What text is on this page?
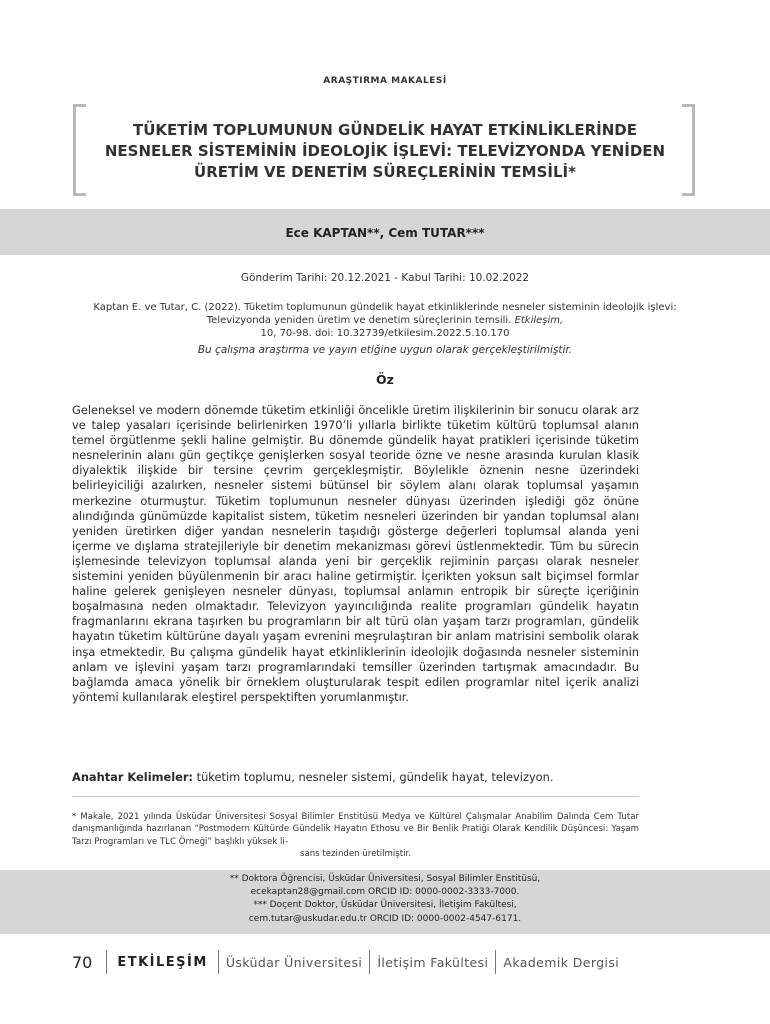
ARAŞTIRMA MAKALESİ
TÜKETİM TOPLUMUNUN GÜNDELİK HAYAT ETKİNLİKLERİNDE NESNELER SİSTEMİNİN İDEOLOJİK İŞLEVİ: TELEVİZYONDA YENİDEN ÜRETİM VE DENETİM SÜREÇLERİNİN TEMSİLİ*
Ece KAPTAN**, Cem TUTAR***
Gönderim Tarihi: 20.12.2021 - Kabul Tarihi: 10.02.2022
Kaptan E. ve Tutar, C. (2022). Tüketim toplumunun gündelik hayat etkinliklerinde nesneler sisteminin ideolojik işlevi: Televizyonda yeniden üretim ve denetim süreçlerinin temsili. Etkileşim,
10, 70-98. doi: 10.32739/etkilesim.2022.5.10.170
Bu çalışma araştırma ve yayın etiğine uygun olarak gerçekleştirilmiştir.
Öz
Geleneksel ve modern dönemde tüketim etkinliği öncelikle üretim ilişkilerinin bir sonucu olarak arz ve talep yasaları içerisinde belirlenirken 1970’li yıllarla birlikte tüketim kültürü toplumsal alanın temel örgütlenme şekli haline gelmiştir. Bu dönemde gündelik hayat pratikleri içerisinde tüketim nesnelerinin alanı gün geçtikçe genişlerken sosyal teoride özne ve nesne arasında kurulan klasik diyalektik ilişkide bir tersine çevrim gerçekleşmiştir. Böylelikle öznenin nesne üzerindeki belirleyiciliği azalırken, nesneler sistemi bütünsel bir söylem alanı olarak toplumsal yaşamın merkezine oturmuştur. Tüketim toplumunun nesneler dünyası üzerinden işlediği göz önüne alındığında günümüzde kapitalist sistem, tüketim nesneleri üzerinden bir yandan toplumsal alanı yeniden üretirken diğer yandan nesnelerin taşıdığı gösterge değerleri toplumsal alanda yeni içerme ve dışlama stratejileriyle bir denetim mekanizması görevi üstlenmektedir. Tüm bu sürecin işlemesinde televizyon toplumsal alanda yeni bir gerçeklik rejiminin parçası olarak nesneler sistemini yeniden büyülenmenin bir aracı haline getirmiştir. İçerikten yoksun salt biçimsel formlar haline gelerek genişleyen nesneler dünyası, toplumsal anlamın entropik bir süreçte içeriğinin boşalmasına neden olmaktadır. Televizyon yayıncılığında realite programları gündelik hayatın fragmanlarını ekrana taşırken bu programların bir alt türü olan yaşam tarzı programları, gündelik hayatın tüketim kültürüne dayalı yaşam evrenini meşrulaştıran bir anlam matrisini sembolik olarak inşa etmektedir. Bu çalışma gündelik hayat etkinliklerinin ideolojik doğasında nesneler sisteminin anlam ve işlevini yaşam tarzı programlarındaki temsiller üzerinden tartışmak amacındadır. Bu bağlamda amaca yönelik bir örneklem oluşturularak tespit edilen programlar nitel içerik analizi yöntemi kullanılarak eleştirel perspektiften yorumlanmıştır.
Anahtar Kelimeler: tüketim toplumu, nesneler sistemi, gündelik hayat, televizyon.
* Makale, 2021 yılında Üsküdar Üniversitesi Sosyal Bilimler Enstitüsü Medya ve Kültürel Çalışmalar Anabilim Dalında Cem Tutar danışmanlığında hazırlanan “Postmodern Kültürde Gündelik Hayatın Ethosu ve Bir Benlik Pratiği Olarak Kendilik Düşüncesi: Yaşam Tarzı Programları ve TLC Örneği” başlıklı yüksek li-
sans tezinden üretilmiştir.
** Doktora Öğrencisi, Üsküdar Üniversitesi, Sosyal Bilimler Enstitüsü,
ecekaptan28@gmail.com ORCID ID: 0000-0002-3333-7000.
*** Doçent Doktor, Üsküdar Üniversitesi, İletişim Fakültesi,
cem.tutar@uskudar.edu.tr ORCID ID: 0000-0002-4547-6171.
70 ETKİLEŞİM Üsküdar Üniversitesi İletişim Fakültesi Akademik Dergisi
